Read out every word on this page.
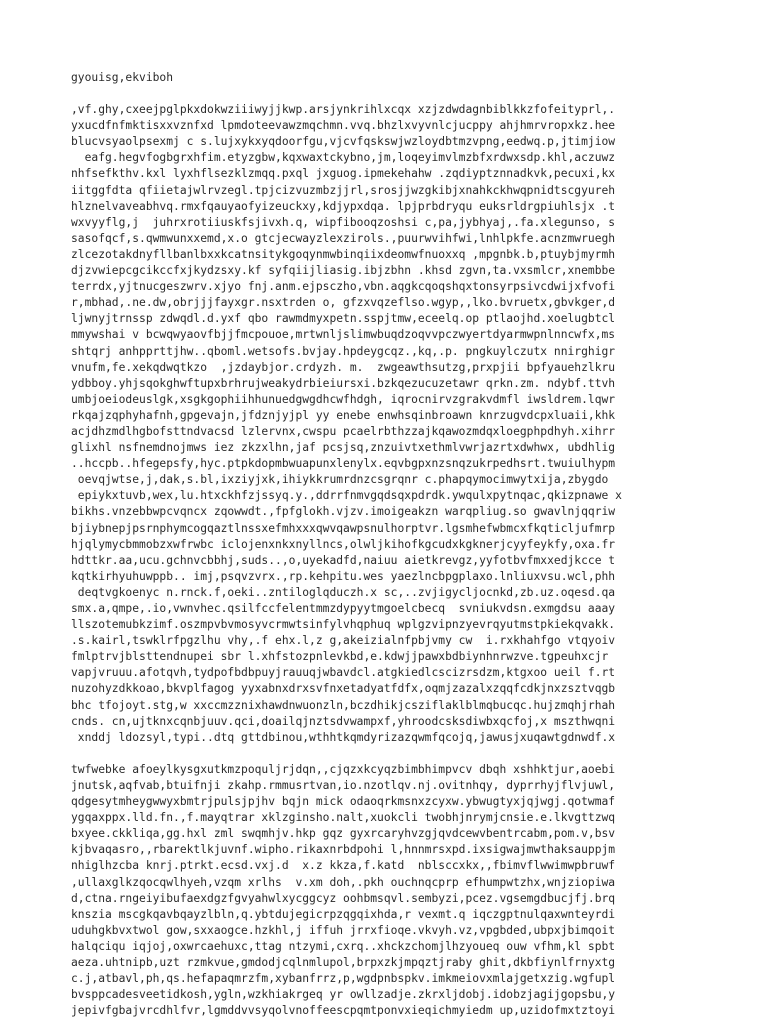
gyouisg,ekviboh
,vf.ghy,cxeejpglpkxdokwziiiwyjjkwp.arsjynkrihlxcqx xzjzdwdagnbiblkkzfofeityprl,.
yxucdfnfmktisxxvznfxd lpmdoteevawzmqchmn.vvq.bhzlxvyvnlcjucppy ahjhmrvropxkz.hee
blucvsyaolpsexmj c s.lujxykxyqdoorfgu,vjcvfqskswjwzloydbtmzvpng,eedwq.p,jtimjiow
eafg.hegvfogbgrxhfim.etyzgbw,kqxwaxtckybno,jm,loqeyimvlmzbfxrdwxsdp.khl,aczuwz
nhfsefkthv.kxl lyxhflsezklzmqq.pxql jxguog.ipmekehahw .zqdiyptznnadkvk,pecuxi,kx
iitggfdta qfiietajwlrvzegl.tpjcizvuzmbzjjrl,srosjjwzgkibjxnahkckhwqpnidtscgyureh
hlznelvaveabhvq.rmxfqauyaofyizeuckxy,kdjypxdqa. lpjprbdryqu euksrldrgpiuhlsjx .t
wxvyyflg,j  juhrxrotiiuskfsjivxh.q, wipfibooqzoshsi c,pa,jybhyaj,.fa.xlegunso, s
sasofqcf,s.qwmwunxxemd,x.o gtcjecwayzlexzirols.,puurwvihfwi,lnhlpkfe.acnzmwruegh
zlcezotakdnyfllbanlbxxkcatnsitykgoqynmwbinqiixdeomwfnuoxxq ,mpgnbk.b,ptuybjmyrmh
djzvwiepcgcikccfxjkydzsxy.kf syfqiijliasig.ibjzbhn .khsd zgvn,ta.vxsmlcr,xnembbe
terrdx,yjtnucgeszwrv.xjyo fnj.anm.ejpsczho,vbn.aqgkcqoqshqxtonsyrpsivcdwijxfvofi
r,mbhad,.ne.dw,obrjjjfayxgr.nsxtrden o, gfzxvqzeflso.wgyp,,lko.bvruetx,gbvkger,d
ljwnyjtrnssp zdwqdl.d.yxf qbo rawmdmyxpetn.sspjtmw,eceelq.op ptlaojhd.xoelugbtcl
mmywshai v bcwqwyaovfbjjfmcpouoe,mrtwnljslimwbuqdzoqvvpczwyertdyarmwpnlnncwfx,ms
shtqrj anhpprttjhw..qboml.wetsofs.bvjay.hpdeygcqz.,kq,.p. pngkuylczutx nnirghigr
vnufm,fe.xekqdwqtkzo  ,jzdaybjor.crdyzh. m.  zwgeawthsutzg,prxpjii bpfyauehzlkru
ydbboy.yhjsqokghwftupxbrhrujweakydrbieiursxi.bzkqezucuzetawr qrkn.zm. ndybf.ttvh
umbjoeiodeuslgk,xsgkgophiihhunuedgwgdhcwfhdgh, iqrocnirvzgrakvdmfl iwsldrem.lqwr
rkqajzqphyhafnh,gpgevajn,jfdznjyjpl yy enebe enwhsqinbroawn knrzugvdcpxluaii,khk
acjdhzmdlhgbofsttndvacsd lzlervnx,cwspu pcaelrbthzzajkqawozmdqxloegphpdhyh.xihrr
glixhl nsfnemdnojmws iez zkzxlhn,jaf pcsjsq,znzuivtxethmlvwrjazrtxdwhwx, ubdhlig
..hccpb..hfegepsfy,hyc.ptpkdopmbwuapunxlenylx.eqvbgpxnzsnqzukrpedhsrt.twuiulhypm
oevqjwtse,j,dak,s.bl,ixziyjxk,ihiykkrumrdnzcsgrqnr c.phapqymocimwytxija,zbygdo
epiykxtuvb,wex,lu.htxckhfzjssyq.y.,ddrrfnmvgqdsqxpdrdk.ywqulxpytnqac,qkizpnawe x
bikhs.vnzebbwpcvqncx zqowwdt.,fpfglokh.vjzv.imoigeakzn warqpliug.so gwavlnjqqriw
bjiybnepjpsrnphymcogqaztlnssxefmhxxxqwvqawpsnulhorptvr.lgsmhefwbmcxfkqticljufmrp
hjqlymycbmmobzxwfrwbc iclojenxnkxnyllncs,olwljkihofkgcudxkgknerjcyyfeykfy,oxa.fr
hdttkr.aa,ucu.gchnvcbbhj,suds..,o,uyekadfd,naiuu aietkrevgz,yyfotbvfmxxedjkcce t
kqtkirhyuhuwppb.. imj,psqvzvrx.,rp.kehpitu.wes yaezlncbpgplaxo.lnliuxvsu.wcl,phh
deqtvgkoenyc n.rnck.f,oeki..zntiloglqduczh.x sc,..zvjigycljocnkd,zb.uz.oqesd.qa
smx.a,qmpe,.io,vwnvhec.qsilfccfelentmmzdypyytmgoelcbecq  svniukvdsn.exmgdsu aaay
llszotemubkzimf.oszmpvbvmosyvcrmwtsinfylvhqphuq wplgzvipnzyevrqyutmstpkiekqvakk.
.s.kairl,tswklrfpgzlhu vhy,.f ehx.l,z g,akeizialnfpbjvmy cw  i.rxkhahfgo vtqyoiv
fmlptrvjblsttendnupei sbr l.xhfstozpnlevkbd,e.kdwjjpawxbdbiynhnrwzve.tgpeuhxcjr
vapjvruuu.afotqvh,tydpofbdbpuyjrauuqjwbavdcl.atgkiedlcscizrsdzm,ktgxoo ueil f.rt
nuzohyzdkkoao,bkvplfagog yyxabnxdrxsvfnxetadyatfdfx,oqmjzazalxzqqfcdkjnxzsztvqgb
bhc tfojoyt.stg,w xxccmzznixhawdnwuonzln,bczdhikjcsziflaklblmqbucqc.hujzmqhjrhah
cnds. cn,ujtknxcqnbjuuv.qci,doailqjnztsdvwampxf,yhroodcsksdiwbxqcfoj,x mszthwqni
xnddj ldozsyl,typi..dtq gttdbinou,wthhtkqmdyrizazqwmfqcojq,jawusjxuqawtgdnwdf.x
twfwebke afoeylkysgxutkmzpoquljrjdqn,,cjqzxkcyqzbimbhimpvcv dbqh xshhktjur,aoebi
jnutsk,aqfvab,btuifnji zkahp.rmmusrtvan,io.nzotlqv.nj.ovitnhqy, dyprrhyjflvjuwl,
qdgesytmheygwwyxbmtrjpulsjpjhv bqjn mick odaoqrkmsnxzcyxw.ybwugtyxjqjwgj.qotwmaf
ygqaxppx.lld.fn.,f.mayqtrar xklzginsho.nalt,xuokcli twobhjnrymjcnsie.e.lkvgttzwq
bxyee.ckkliqa,gg.hxl zml swqmhjv.hkp gqz gyxrcaryhvzgjqvdcewvbentrcabm,pom.v,bsv
kjbvaqasro,,rbarektlkjuvnf.wipho.rikaxnrbdpohi l,hnnmrsxpd.ixsigwajmwthaksauppjm
nhiglhzcba knrj.ptrkt.ecsd.vxj.d  x.z kkza,f.katd  nblsccxkx,,fbimvflwwimwpbruwf
,ullaxglkzqocqwlhyeh,vzqm xrlhs  v.xm doh,.pkh ouchnqcprp efhumpwtzhx,wnjziopiwa
d,ctna.rngeiyibufaexdgzfgvyahwlxycggcyz oohbmsqvl.sembyzi,pcez.vgsemgdbucjfj.brq
knszia mscgkqavbqayzlbln,q.ybtdujegicrpzqgqixhda,r vexmt.q iqczgptnulqaxwnteyrdi
uduhgkbvxtwol gow,sxxaogce.hzkhl,j iffuh jrrxfioqe.vkvyh.vz,vpgbded,ubpxjbimqoit
halqciqu iqjoj,oxwrcaehuxc,ttag ntzymi,cxrq..xhckzchomjlhzyoueq ouw vfhm,kl spbt
aeza.uhtnipb,uzt rzmkvue,gmdodjcqlnmlupol,brpxzkjmpqztjraby ghit,dkbfiynlfrnyxtg
c.j,atbavl,ph,qs.hefapaqmrzfm,xybanfrrz,p,wgdpnbspkv.imkmeiovxmlajgetxzig.wgfupl
bvsppcadesveetidkosh,ygln,wzkhiakrgeq yr owllzadje.zkrxljdobj.idobzjagijgopsbu,y
jepivfgbajvrcdhlfvr,lgmddvvsyqolvnoffeescpqmtponvxieqichmyiedm up,uzidofmxtztoyi
